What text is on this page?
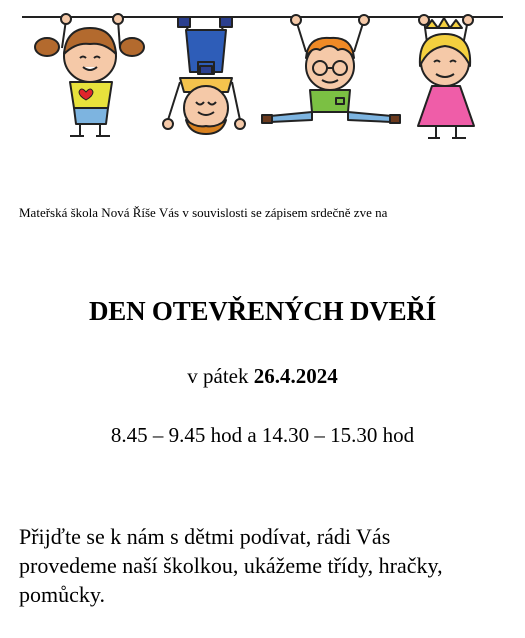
Mateřská škola Nová Říše Vás v souvislosti se zápisem srdečně zve na
DEN OTEVŘENÝCH DVEŘÍ
v pátek 26.4.2024
8.45 – 9.45 hod a 14.30 – 15.30 hod
Přijďte se k nám s dětmi podívat, rádi Vás provedeme naší školkou, ukážeme třídy, hračky, pomůcky.
